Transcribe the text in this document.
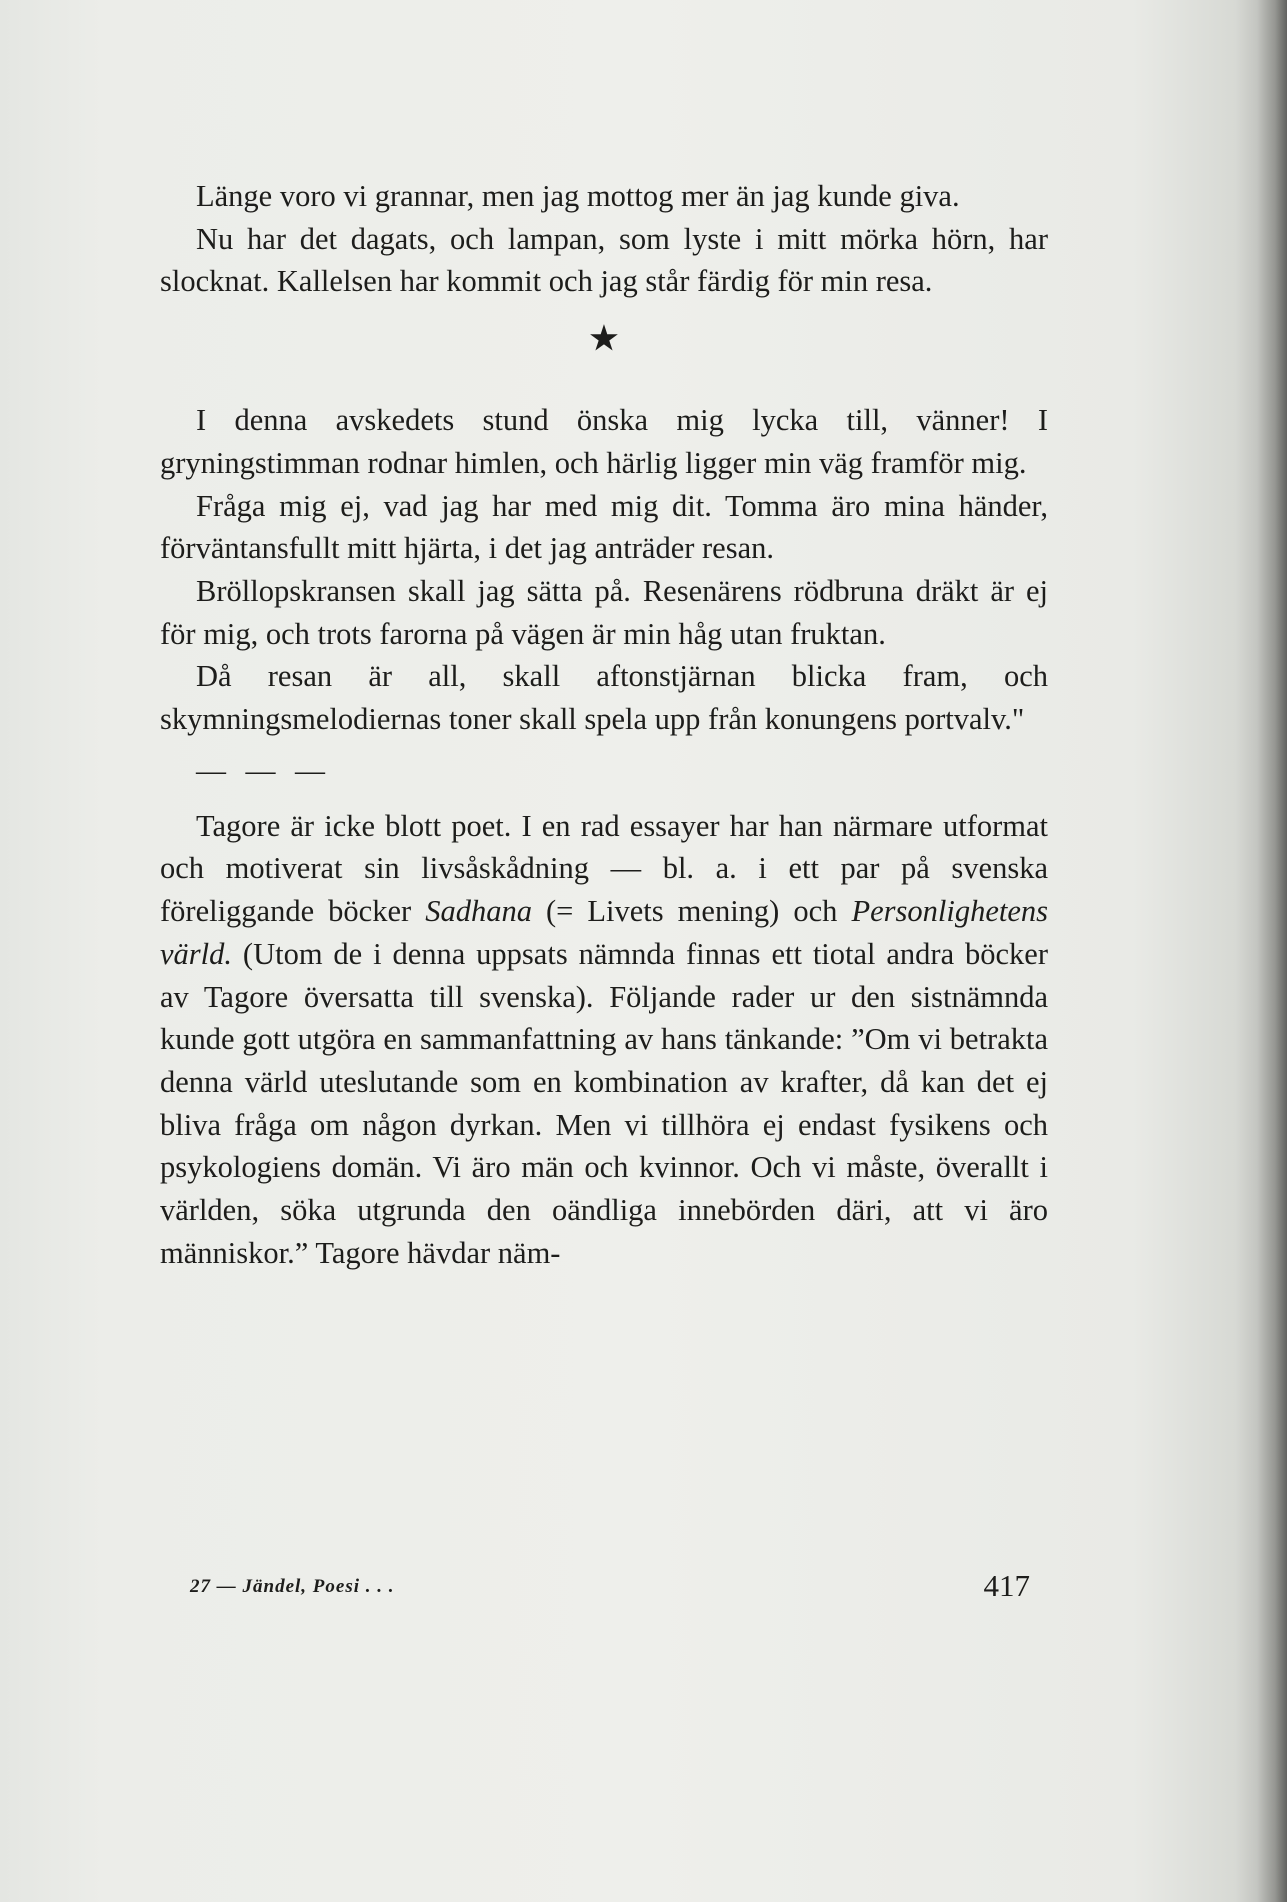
Länge voro vi grannar, men jag mottog mer än jag kunde giva.

Nu har det dagats, och lampan, som lyste i mitt mörka hörn, har slocknat. Kallelsen har kommit och jag står färdig för min resa.

★

I denna avskedets stund önska mig lycka till, vänner! I gryningstimman rodnar himlen, och härlig ligger min väg framför mig.

Fråga mig ej, vad jag har med mig dit. Tomma äro mina händer, förväntansfullt mitt hjärta, i det jag anträder resan.

Bröllopskransen skall jag sätta på. Resenärens rödbruna dräkt är ej för mig, och trots farorna på vägen är min håg utan fruktan.

Då resan är all, skall aftonstjärnan blicka fram, och skymningsmelodiernas toner skall spela upp från konungens portvalv."

— — —

Tagore är icke blott poet. I en rad essayer har han närmare utformat och motiverat sin livsåskådning — bl. a. i ett par på svenska föreliggande böcker Sadhana (= Livets mening) och Personlighetens värld. (Utom de i denna uppsats nämnda finnas ett tiotal andra böcker av Tagore översatta till svenska). Följande rader ur den sistnämnda kunde gott utgöra en sammanfattning av hans tänkande: ”Om vi betrakta denna värld uteslutande som en kombination av krafter, då kan det ej bliva fråga om någon dyrkan. Men vi tillhöra ej endast fysikens och psykologiens domän. Vi äro män och kvinnor. Och vi måste, överallt i världen, söka utgrunda den oändliga innebörden däri, att vi äro människor.” Tagore hävdar näm-

27 — Jändel, Poesi . . .	417
